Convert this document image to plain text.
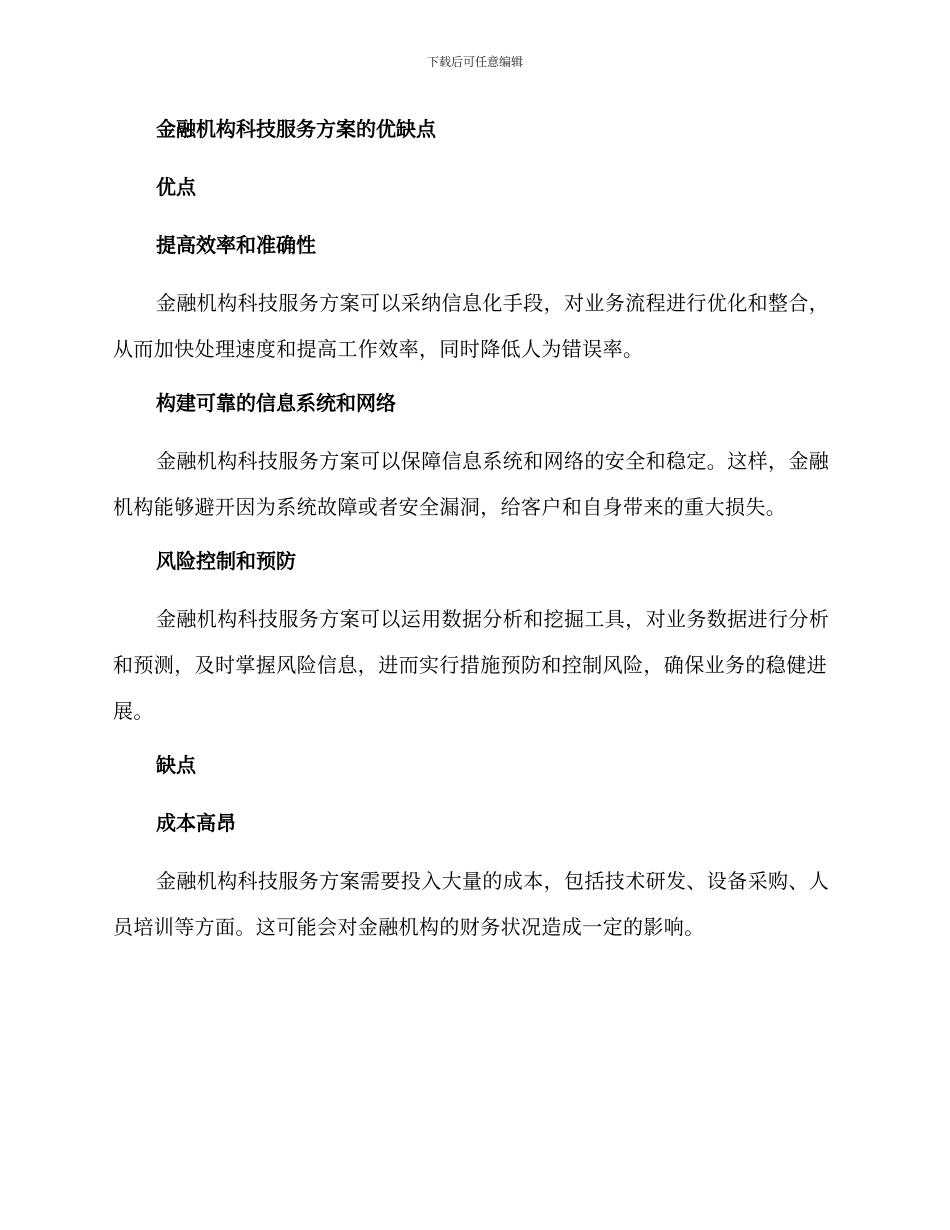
下载后可任意编辑
金融机构科技服务方案的优缺点
优点
提高效率和准确性

金融机构科技服务方案可以采纳信息化手段，对业务流程进行优化和整合，从而加快处理速度和提高工作效率，同时降低人为错误率。

构建可靠的信息系统和网络

金融机构科技服务方案可以保障信息系统和网络的安全和稳定。这样，金融机构能够避开因为系统故障或者安全漏洞，给客户和自身带来的重大损失。

风险控制和预防

金融机构科技服务方案可以运用数据分析和挖掘工具，对业务数据进行分析和预测，及时掌握风险信息，进而实行措施预防和控制风险，确保业务的稳健进展。

缺点
成本高昂

金融机构科技服务方案需要投入大量的成本，包括技术研发、设备采购、人员培训等方面。这可能会对金融机构的财务状况造成一定的影响。
